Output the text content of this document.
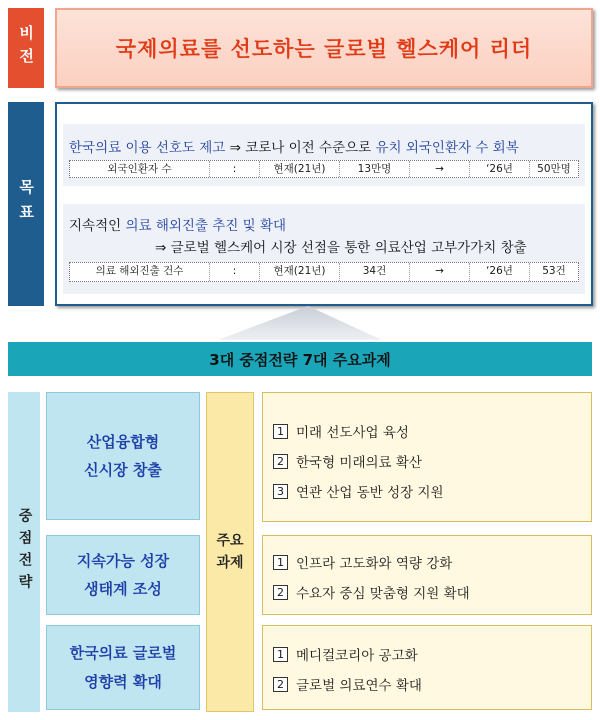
비전	국제의료를 선도하는 글로벌 헬스케어 리더
목표
한국의료 이용 선호도 제고 ⇒ 코로나 이전 수준으로 유치 외국인환자 수 회복
외국인환자 수	:	현재(21년)	13만명	→	‘26년	50만명
지속적인 의료 해외진출 추진 및 확대
⇒ 글로벌 헬스케어 시장 선점을 통한 의료산업 고부가가치 창출
의료 해외진출 건수	:	현재(21년)	34건	→	‘26년	53건
3대 중점전략 7대 주요과제
중점전략
산업융합형
신시장 창출
지속가능 성장
생태계 조성
한국의료 글로벌
영향력 확대
주요
과제
1 미래 선도사업 육성
2 한국형 미래의료 확산
3 연관 산업 동반 성장 지원
1 인프라 고도화와 역량 강화
2 수요자 중심 맞춤형 지원 확대
1 메디컬코리아 공고화
2 글로벌 의료연수 확대
